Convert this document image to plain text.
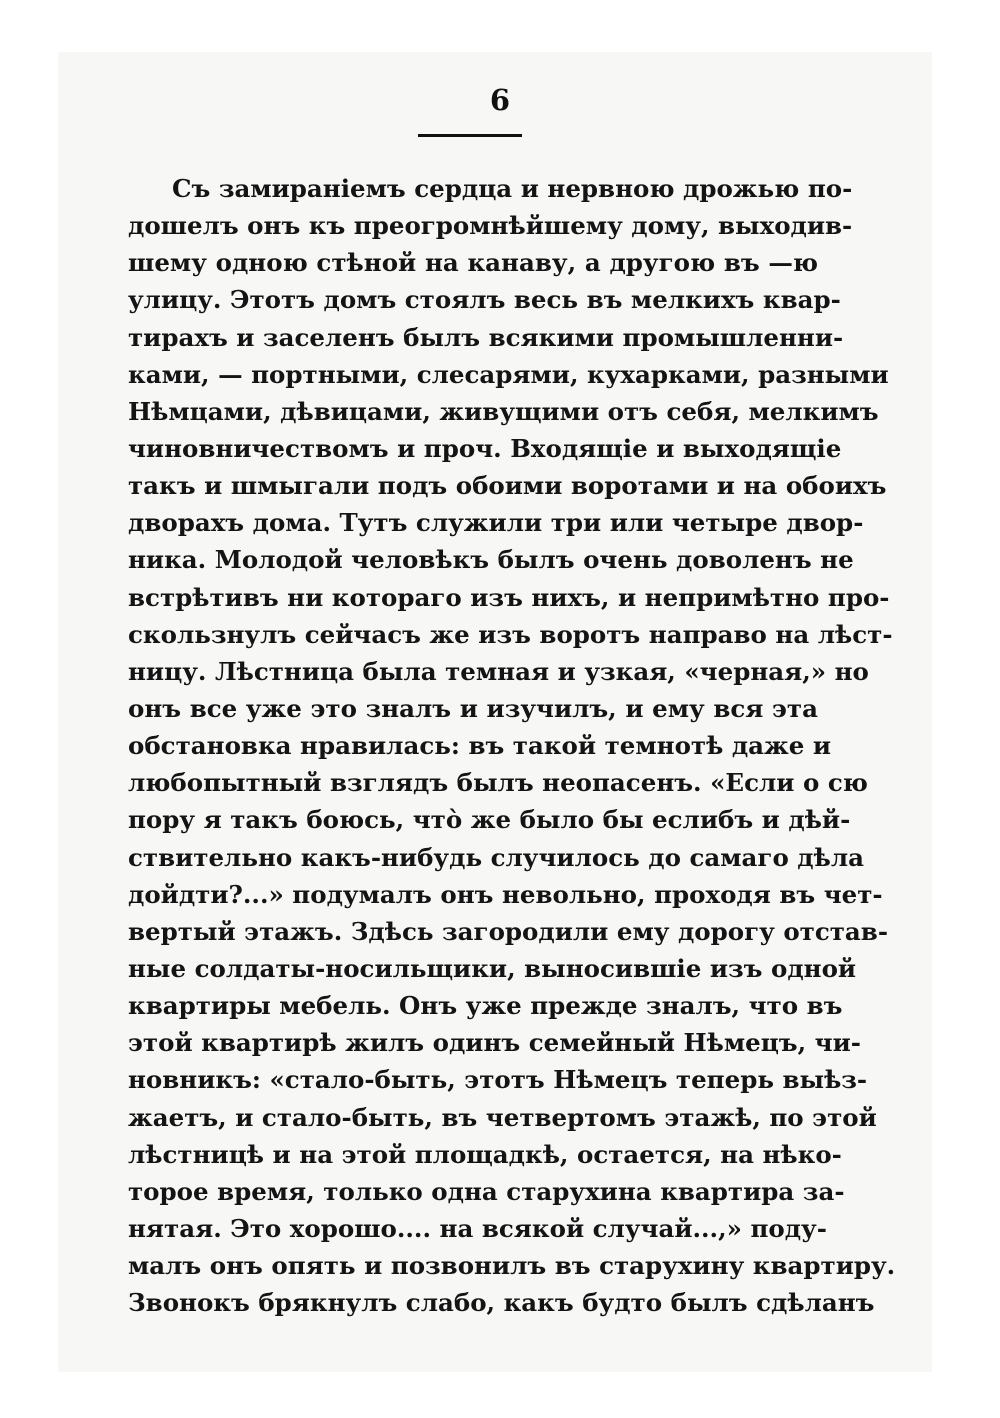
6
Съ замираніемъ сердца и нервною дрожью по-
дошелъ онъ къ преогромнѣйшему дому, выходив-
шему одною стѣной на канаву, а другою въ —ю
улицу. Этотъ домъ стоялъ весь въ мелкихъ квар-
тирахъ и заселенъ былъ всякими промышленни-
ками, — портными, слесарями, кухарками, разными
Нѣмцами, дѣвицами, живущими отъ себя, мелкимъ
чиновничествомъ и проч. Входящіе и выходящіе
такъ и шмыгали подъ обоими воротами и на обоихъ
дворахъ дома. Тутъ служили три или четыре двор-
ника. Молодой человѣкъ былъ очень доволенъ не
встрѣтивъ ни котораго изъ нихъ, и непримѣтно про-
скользнулъ сейчасъ же изъ воротъ направо на лѣст-
ницу. Лѣстница была темная и узкая, «черная,» но
онъ все уже это зналъ и изучилъ, и ему вся эта
обстановка нравилась: въ такой темнотѣ даже и
любопытный взглядъ былъ неопасенъ. «Если о сю
пору я такъ боюсь, что̀ же было бы еслибъ и дѣй-
ствительно какъ-нибудь случилось до самаго дѣла
дойдти?...» подумалъ онъ невольно, проходя въ чет-
вертый этажъ. Здѣсь загородили ему дорогу отстав-
ные солдаты-носильщики, выносившіе изъ одной
квартиры мебель. Онъ уже прежде зналъ, что въ
этой квартирѣ жилъ одинъ семейный Нѣмецъ, чи-
новникъ: «стало-быть, этотъ Нѣмецъ теперь выѣз-
жаетъ, и стало-быть, въ четвертомъ этажѣ, по этой
лѣстницѣ и на этой площадкѣ, остается, на нѣко-
торое время, только одна старухина квартира за-
нятая. Это хорошо.... на всякой случай...,» поду-
малъ онъ опять и позвонилъ въ старухину квартиру.
Звонокъ брякнулъ слабо, какъ будто былъ сдѣланъ
